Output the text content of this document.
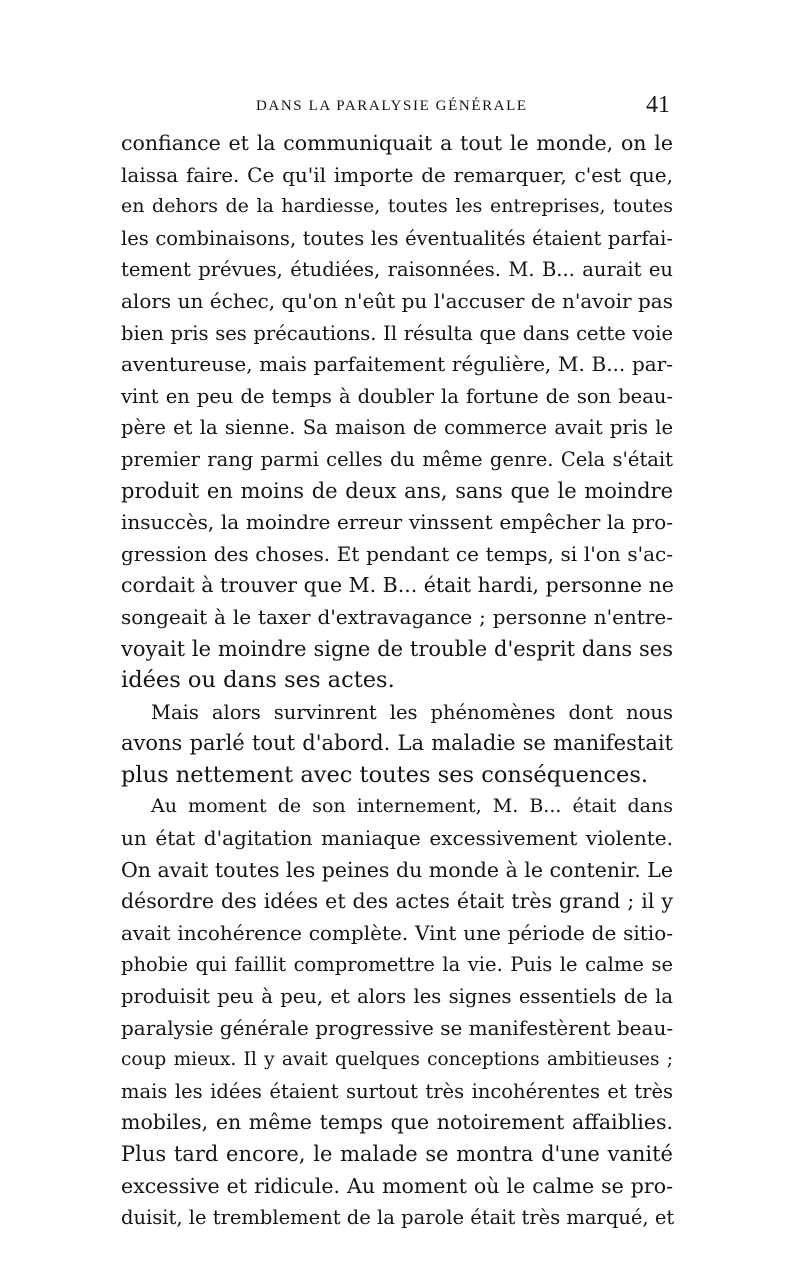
DANS LA PARALYSIE GÉNÉRALE	41
confiance et la communiquait a tout le monde, on le
laissa faire. Ce qu'il importe de remarquer, c'est que,
en dehors de la hardiesse, toutes les entreprises, toutes
les combinaisons, toutes les éventualités étaient parfai-
tement prévues, étudiées, raisonnées. M. B... aurait eu
alors un échec, qu'on n'eût pu l'accuser de n'avoir pas
bien pris ses précautions. Il résulta que dans cette voie
aventureuse, mais parfaitement régulière, M. B... par-
vint en peu de temps à doubler la fortune de son beau-
père et la sienne. Sa maison de commerce avait pris le
premier rang parmi celles du même genre. Cela s'était
produit en moins de deux ans, sans que le moindre
insuccès, la moindre erreur vinssent empêcher la pro-
gression des choses. Et pendant ce temps, si l'on s'ac-
cordait à trouver que M. B... était hardi, personne ne
songeait à le taxer d'extravagance ; personne n'entre-
voyait le moindre signe de trouble d'esprit dans ses
idées ou dans ses actes.
Mais alors survinrent les phénomènes dont nous
avons parlé tout d'abord. La maladie se manifestait
plus nettement avec toutes ses conséquences.
Au moment de son internement, M. B... était dans
un état d'agitation maniaque excessivement violente.
On avait toutes les peines du monde à le contenir. Le
désordre des idées et des actes était très grand ; il y
avait incohérence complète. Vint une période de sitio-
phobie qui faillit compromettre la vie. Puis le calme se
produisit peu à peu, et alors les signes essentiels de la
paralysie générale progressive se manifestèrent beau-
coup mieux. Il y avait quelques conceptions ambitieuses ;
mais les idées étaient surtout très incohérentes et très
mobiles, en même temps que notoirement affaiblies.
Plus tard encore, le malade se montra d'une vanité
excessive et ridicule. Au moment où le calme se pro-
duisit, le tremblement de la parole était très marqué, et
